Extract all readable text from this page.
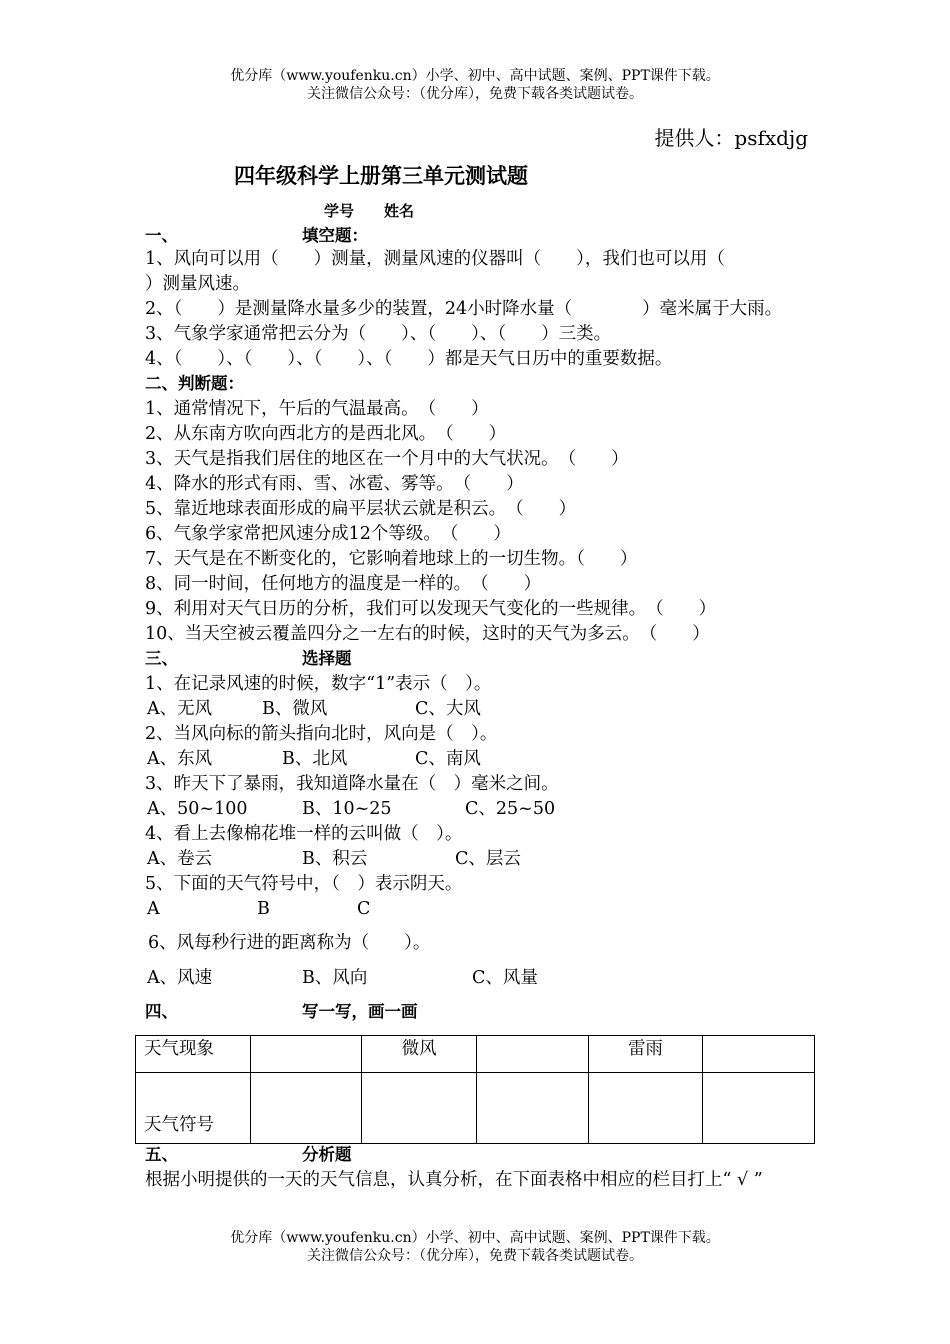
优分库（www.youfenku.cn）小学、初中、高中试题、案例、PPT课件下载。
关注微信公众号：（优分库），免费下载各类试题试卷。
提供人：psfxdjg
四年级科学上册第三单元测试题
学号 姓名
一、	填空题：
1、风向可以用（　　）测量，测量风速的仪器叫（　　），我们也可以用（
）测量风速。
2、（　　）是测量降水量多少的装置，24小时降水量（　　　　）毫米属于大雨。
3、气象学家通常把云分为（　　）、（　　）、（　　）三类。
4、（　　）、（　　）、（　　）、（　　）都是天气日历中的重要数据。
二、判断题：
1、通常情况下，午后的气温最高。　（　　）
2、从东南方吹向西北方的是西北风。　（　　）
3、天气是指我们居住的地区在一个月中的大气状况。　（　　）
4、降水的形式有雨、雪、冰雹、雾等。　（　　）
5、靠近地球表面形成的扁平层状云就是积云。　（　　）
6、气象学家常把风速分成12个等级。　（　　）
7、天气是在不断变化的，它影响着地球上的一切生物。（　　）
8、同一时间，任何地方的温度是一样的。　（　　）
9、利用对天气日历的分析，我们可以发现天气变化的一些规律。　（　　）
10、当天空被云覆盖四分之一左右的时候，这时的天气为多云。　（　　）
三、	选择题
1、在记录风速的时候，数字“1”表示（　）。
A、无风	B、微风	C、大风
2、当风向标的箭头指向北时，风向是（　）。
A、东风	B、北风	C、南风
3、昨天下了暴雨，我知道降水量在（　）毫米之间。
A、50~100	B、10~25	C、25~50
4、看上去像棉花堆一样的云叫做（　）。
A、卷云	B、积云	C、层云
5、下面的天气符号中，（　）表示阴天。
A	B	C
6、风每秒行进的距离称为（　　）。
A、风速	B、风向	C、风量
四、	写一写，画一画
天气现象		微风		雷雨	
天气符号					
五、	分析题
根据小明提供的一天的天气信息，认真分析，在下面表格中相应的栏目打上“ √ ”
优分库（www.youfenku.cn）小学、初中、高中试题、案例、PPT课件下载。
关注微信公众号：（优分库），免费下载各类试题试卷。
